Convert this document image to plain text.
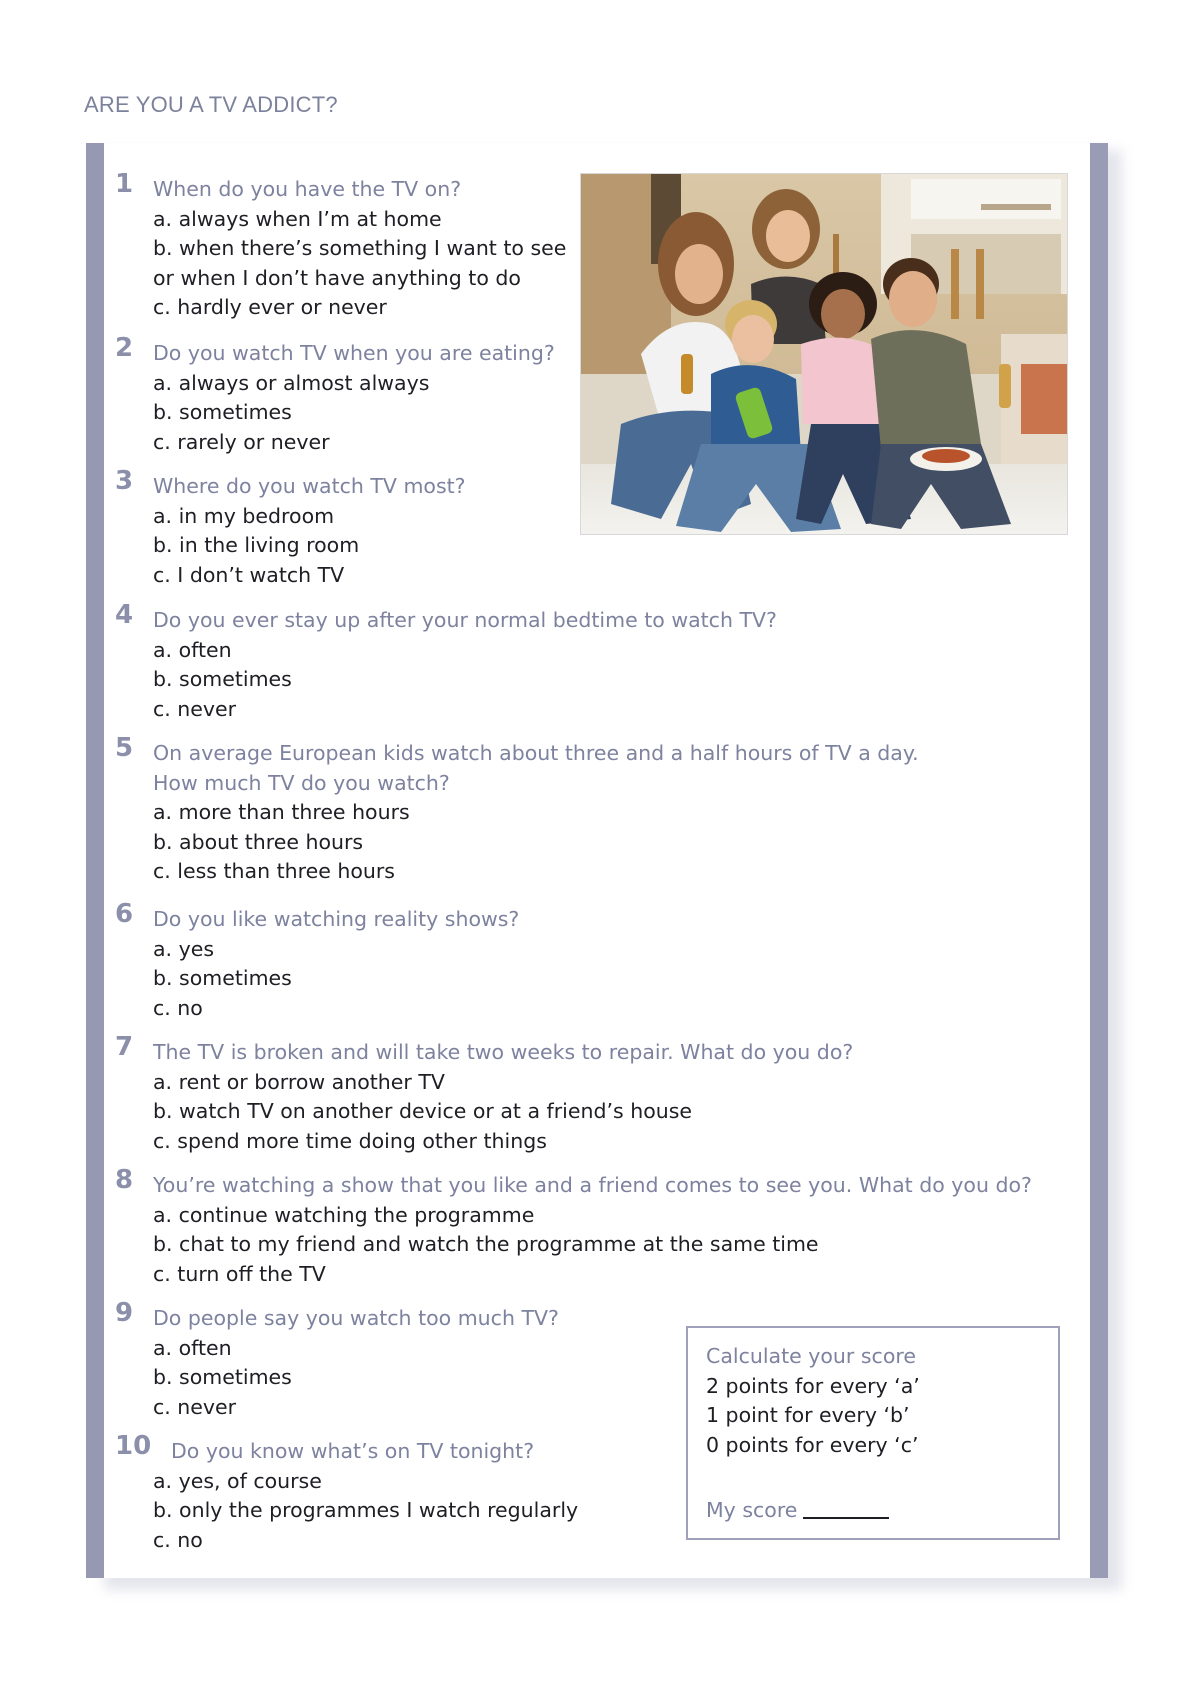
ARE YOU A TV ADDICT?
1 When do you have the TV on?
a. always when I’m at home
b. when there’s something I want to see
or when I don’t have anything to do
c. hardly ever or never
2 Do you watch TV when you are eating?
a. always or almost always
b. sometimes
c. rarely or never
3 Where do you watch TV most?
a. in my bedroom
b. in the living room
c. I don’t watch TV
4 Do you ever stay up after your normal bedtime to watch TV?
a. often
b. sometimes
c. never
5 On average European kids watch about three and a half hours of TV a day.
How much TV do you watch?
a. more than three hours
b. about three hours
c. less than three hours
6 Do you like watching reality shows?
a. yes
b. sometimes
c. no
7 The TV is broken and will take two weeks to repair. What do you do?
a. rent or borrow another TV
b. watch TV on another device or at a friend’s house
c. spend more time doing other things
8 You’re watching a show that you like and a friend comes to see you. What do you do?
a. continue watching the programme
b. chat to my friend and watch the programme at the same time
c. turn off the TV
9 Do people say you watch too much TV?
a. often
b. sometimes
c. never
10 Do you know what’s on TV tonight?
a. yes, of course
b. only the programmes I watch regularly
c. no
Calculate your score
2 points for every ‘a’
1 point for every ‘b’
0 points for every ‘c’
My score
